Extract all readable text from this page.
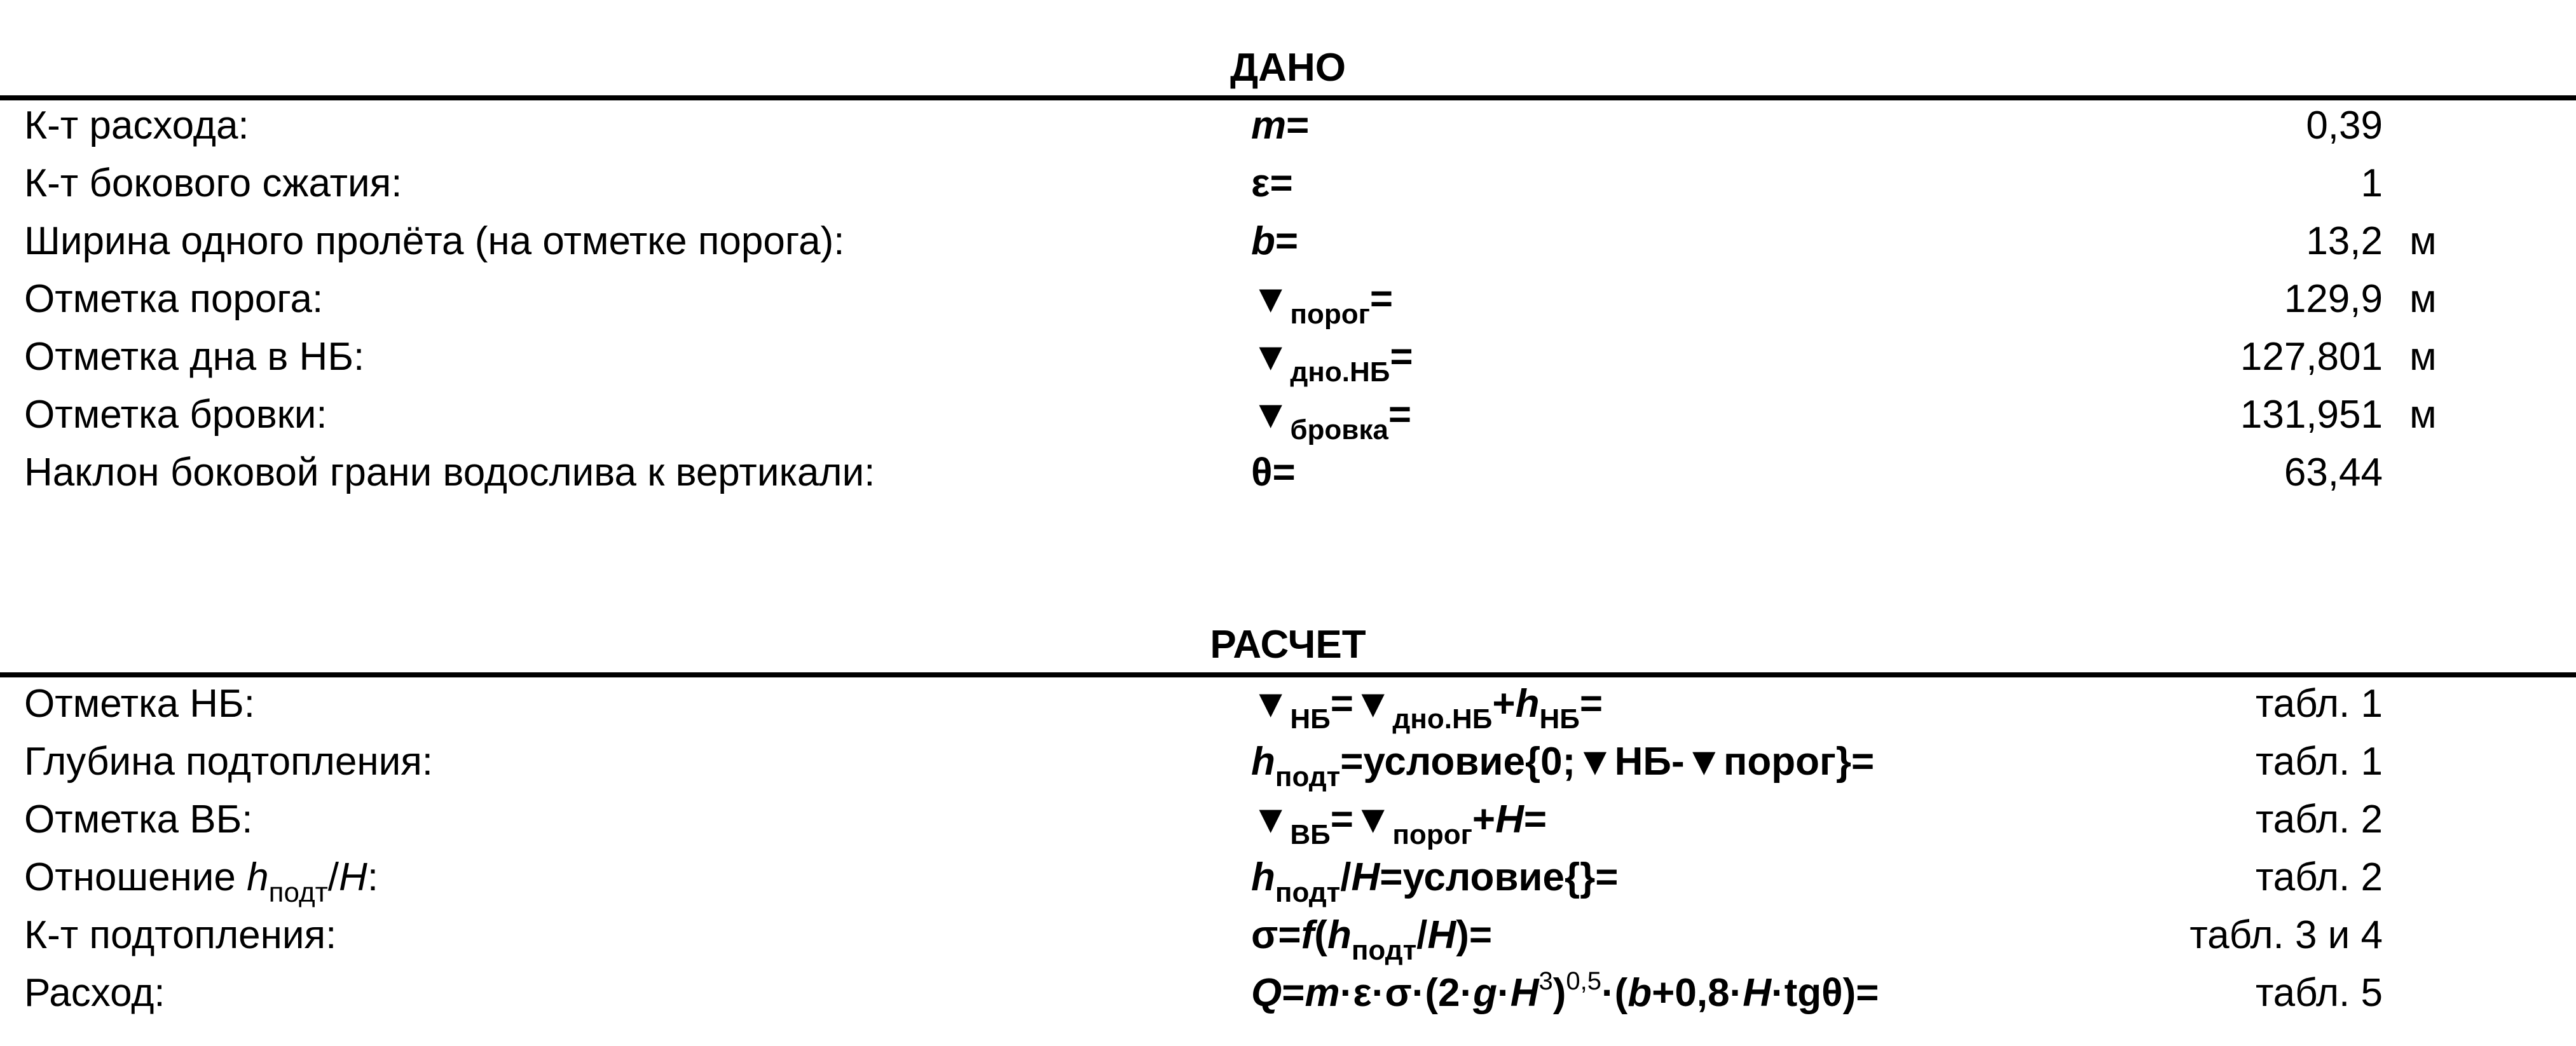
ДАНО
К-т расхода:	m=	0,39
К-т бокового сжатия:	ε=	1
Ширина одного пролёта (на отметке порога):	b=	13,2 м
Отметка порога:	$▼_{порог}=$	129,9 м
Отметка дна в НБ:	$▼_{дно.НБ}=$	127,801 м
Отметка бровки:	$▼_{бровка}=$	131,951 м
Наклон боковой грани водослива к вертикали:	θ=	63,44
РАСЧЕТ
Отметка НБ:	$▼_{НБ}=▼_{дно.НБ}+h_{НБ}=$	табл. 1
Глубина подтопления:	$h_{подт}=условие\{0;▼НБ-▼порог\}=$	табл. 1
Отметка ВБ:	$▼_{ВБ}=▼_{порог}+H=$	табл. 2
Отношение $h_{подт}/H$:	$h_{подт}/H=условие\{\}=$	табл. 2
К-т подтопления:	$\sigma=f(h_{подт}/H)=$	табл. 3 и 4
Расход:	$Q=m\cdot\varepsilon\cdot\sigma\cdot(2\cdot g\cdot H^3)^{0,5}\cdot(b+0,8\cdot H\cdot tg\theta)=$	табл. 5
